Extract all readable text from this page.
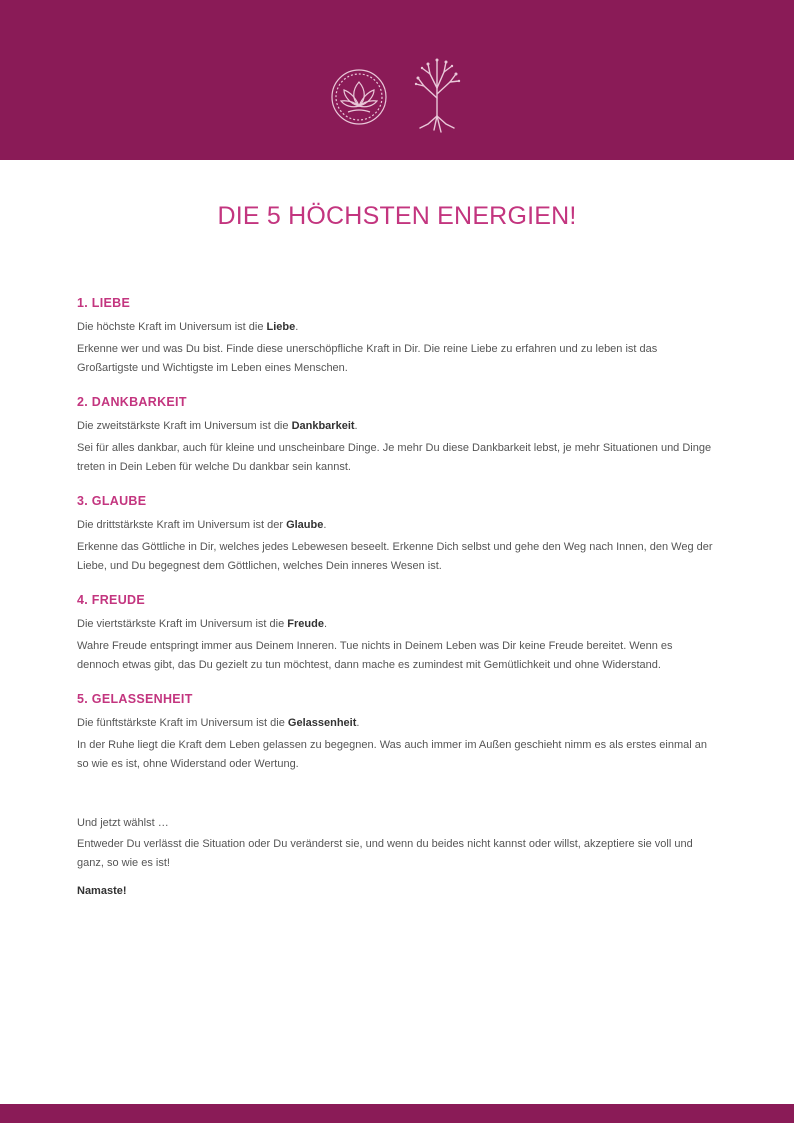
DIE 5 HÖCHSTEN ENERGIEN!
1. LIEBE

Die höchste Kraft im Universum ist die Liebe.

Erkenne wer und was Du bist. Finde diese unerschöpfliche Kraft in Dir. Die reine Liebe zu erfahren und zu leben ist das Großartigste und Wichtigste im Leben eines Menschen.

2. DANKBARKEIT

Die zweitstärkste Kraft im Universum ist die Dankbarkeit.

Sei für alles dankbar, auch für kleine und unscheinbare Dinge. Je mehr Du diese Dankbarkeit lebst, je mehr Situationen und Dinge treten in Dein Leben für welche Du dankbar sein kannst.

3. GLAUBE

Die drittstärkste Kraft im Universum ist der Glaube.

Erkenne das Göttliche in Dir, welches jedes Lebewesen beseelt. Erkenne Dich selbst und gehe den Weg nach Innen, den Weg der Liebe, und Du begegnest dem Göttlichen, welches Dein inneres Wesen ist.

4. FREUDE

Die viertstärkste Kraft im Universum ist die Freude.

Wahre Freude entspringt immer aus Deinem Inneren. Tue nichts in Deinem Leben was Dir keine Freude bereitet. Wenn es dennoch etwas gibt, das Du gezielt zu tun möchtest, dann mache es zumindest mit Gemütlichkeit und ohne Widerstand.

5. GELASSENHEIT

Die fünftstärkste Kraft im Universum ist die Gelassenheit.

In der Ruhe liegt die Kraft dem Leben gelassen zu begegnen. Was auch immer im Außen geschieht nimm es als erstes einmal an so wie es ist, ohne Widerstand oder Wertung.

Und jetzt wählst …

Entweder Du verlässt die Situation oder Du veränderst sie, und wenn du beides nicht kannst oder willst, akzeptiere sie voll und ganz, so wie es ist!

Namaste!
